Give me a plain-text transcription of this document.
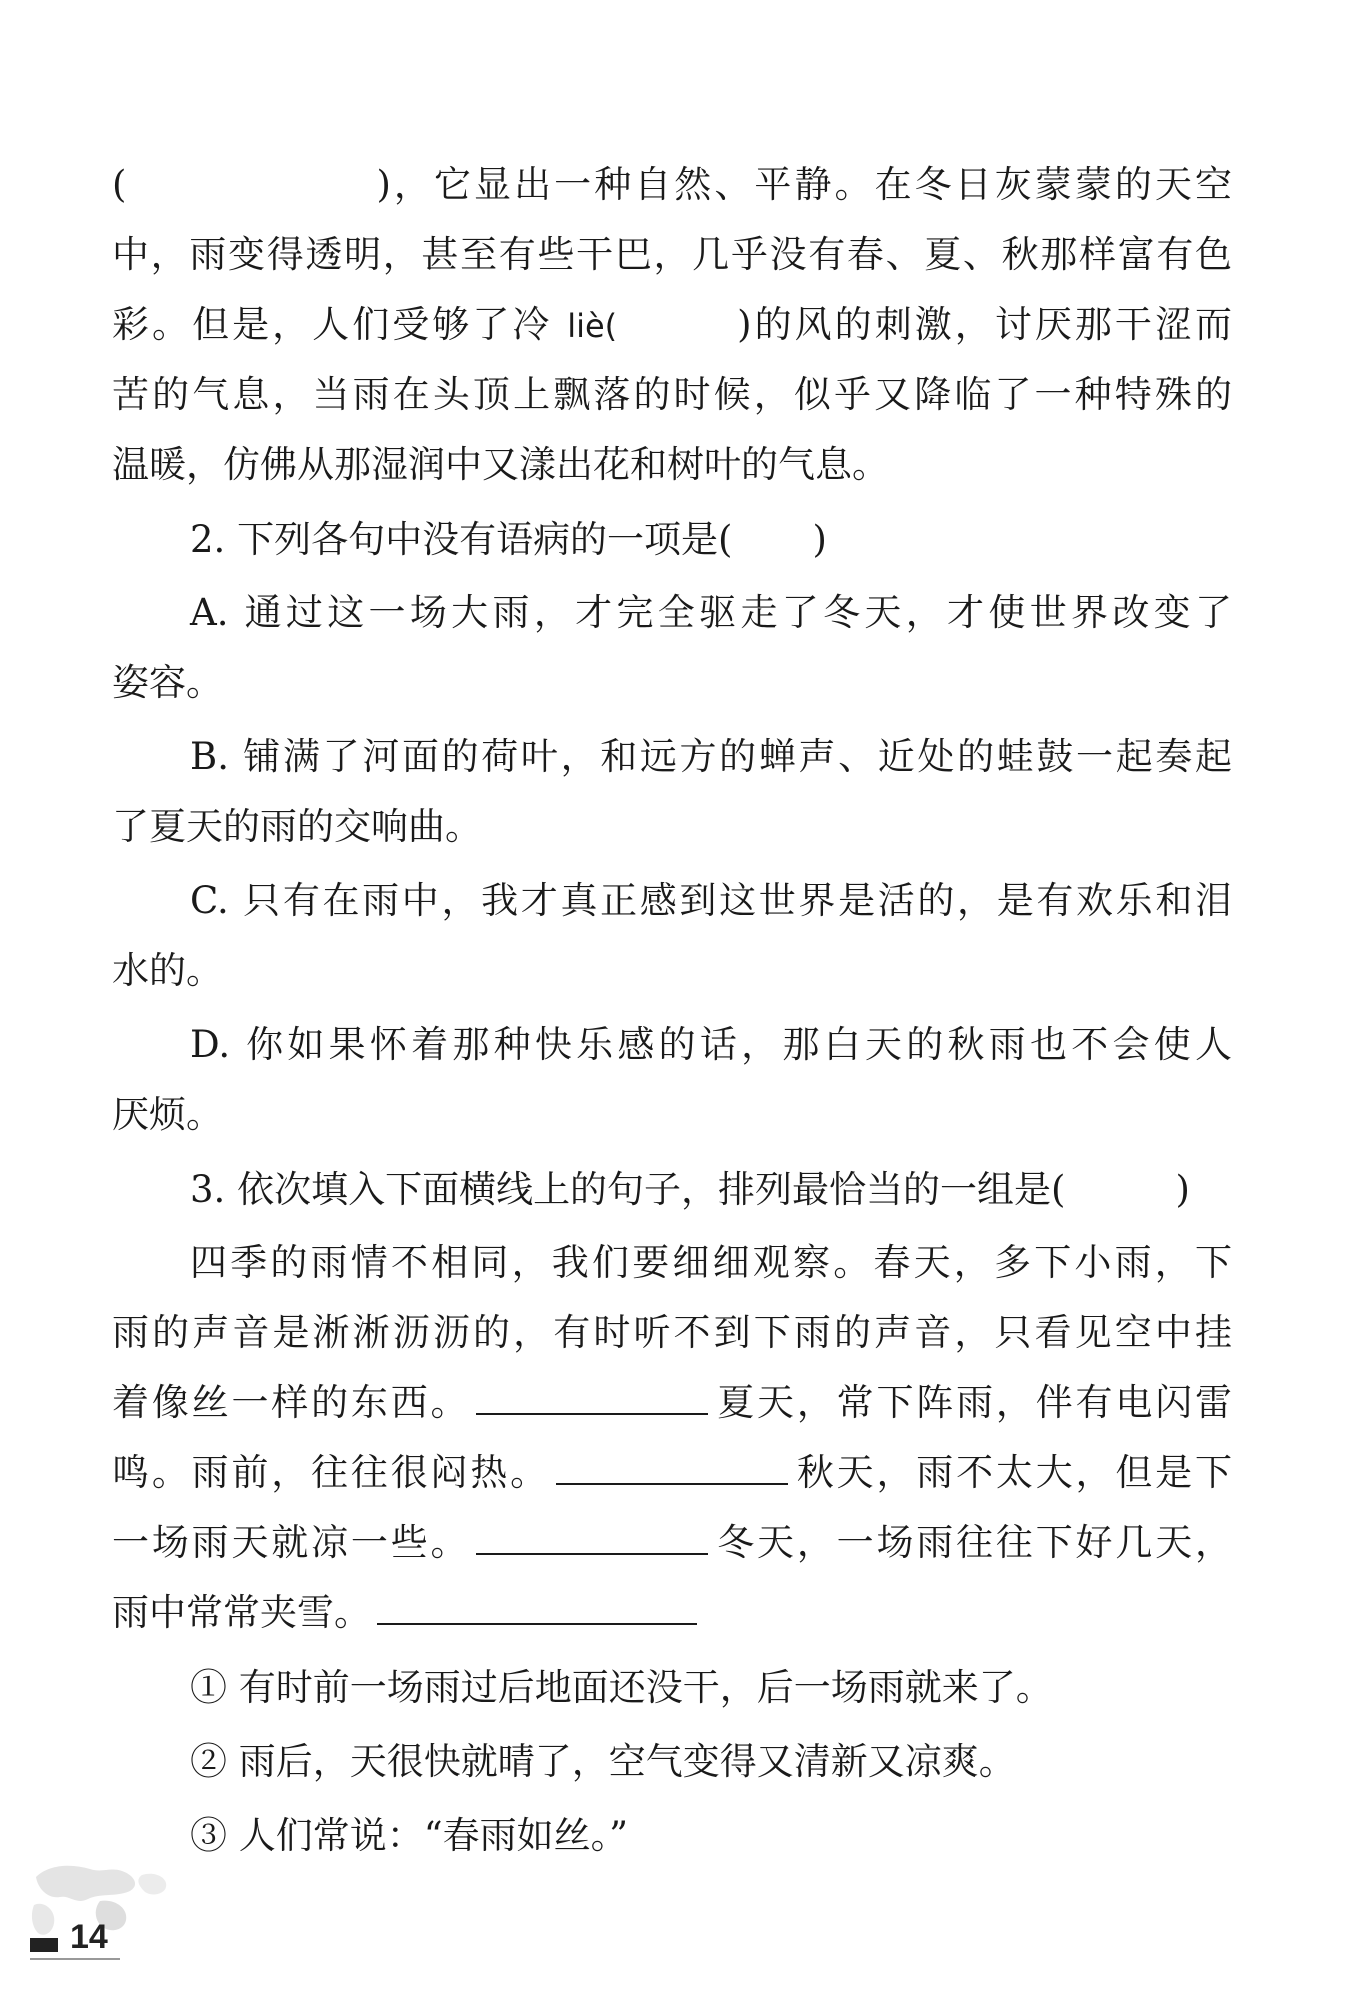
(	)，它显出一种自然、平静。在冬日灰蒙蒙的天空
中，雨变得透明，甚至有些干巴，几乎没有春、夏、秋那样富有色
彩。但是，人们受够了冷 liè(	)的风的刺激，讨厌那干涩而
苦的气息，当雨在头顶上飘落的时候，似乎又降临了一种特殊的
温暖，仿佛从那湿润中又漾出花和树叶的气息。
2. 下列各句中没有语病的一项是( )
A. 通过这一场大雨，才完全驱走了冬天，才使世界改变了
姿容。
B. 铺满了河面的荷叶，和远方的蝉声、近处的蛙鼓一起奏起
了夏天的雨的交响曲。
C. 只有在雨中，我才真正感到这世界是活的，是有欢乐和泪
水的。
D. 你如果怀着那种快乐感的话，那白天的秋雨也不会使人
厌烦。
3. 依次填入下面横线上的句子，排列最恰当的一组是(	)
四季的雨情不相同，我们要细细观察。春天，多下小雨，下
雨的声音是淅淅沥沥的，有时听不到下雨的声音，只看见空中挂
着像丝一样的东西。	夏天，常下阵雨，伴有电闪雷
鸣。雨前，往往很闷热。	秋天，雨不太大，但是下
一场雨天就凉一些。	冬天，一场雨往往下好几天，
雨中常常夹雪。
① 有时前一场雨过后地面还没干，后一场雨就来了。
② 雨后，天很快就晴了，空气变得又清新又凉爽。
③ 人们常说：“春雨如丝。”
14
